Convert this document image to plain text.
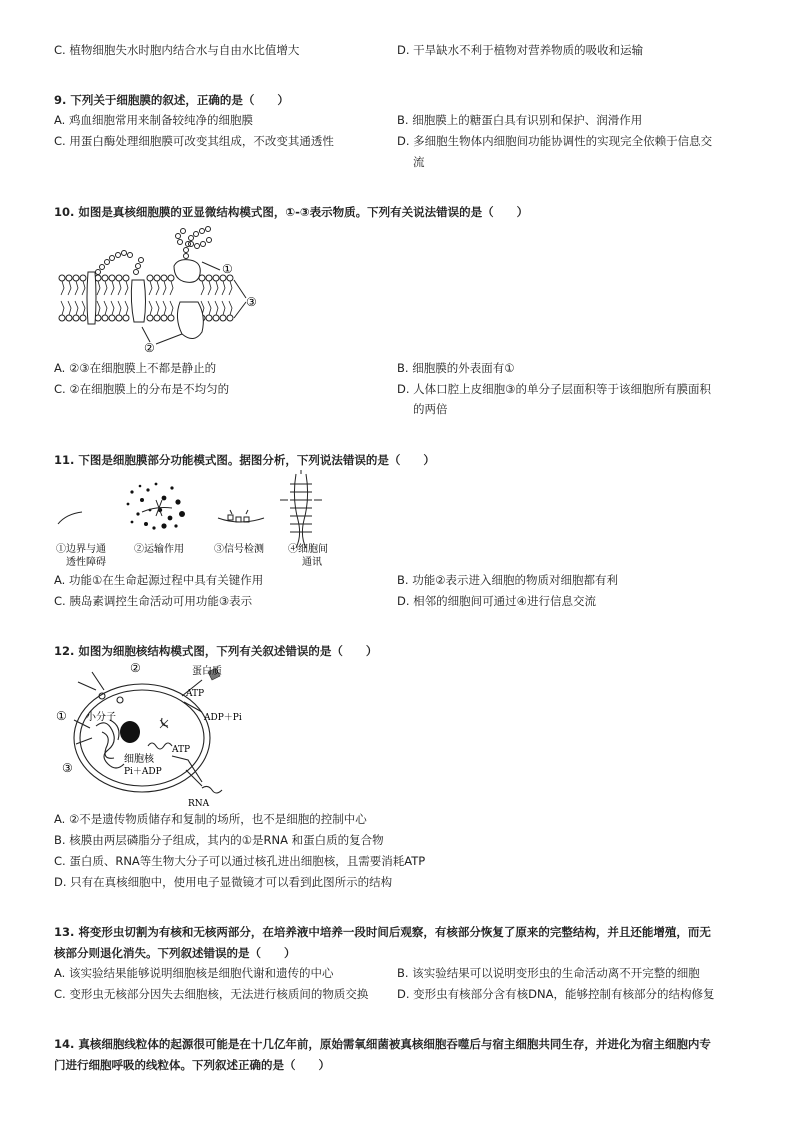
C. 植物细胞失水时胞内结合水与自由水比值增大	D. 干旱缺水不利于植物对营养物质的吸收和运输
9. 下列关于细胞膜的叙述，正确的是（　　）
A. 鸡血细胞常用来制备较纯净的细胞膜	B. 细胞膜上的糖蛋白具有识别和保护、润滑作用
C. 用蛋白酶处理细胞膜可改变其组成，不改变其通透性	D. 多细胞生物体内细胞间功能协调性的实现完全依赖于信息交
流
10. 如图是真核细胞膜的亚显微结构模式图，①-③表示物质。下列有关说法错误的是（　　）
①
③
②
A. ②③在细胞膜上不都是静止的	B. 细胞膜的外表面有①
C. ②在细胞膜上的分布是不均匀的	D. 人体口腔上皮细胞③的单分子层面积等于该细胞所有膜面积
的两倍
11. 下图是细胞膜部分功能模式图。据图分析，下列说法错误的是（　　）
①边界与通
透性障碍
②运输作用	③信号检测 ④细胞间
通讯
A. 功能①在生命起源过程中具有关键作用	B. 功能②表示进入细胞的物质对细胞都有利
C. 胰岛素调控生命活动可用功能③表示	D. 相邻的细胞间可通过④进行信息交流
12. 如图为细胞核结构模式图，下列有关叙述错误的是（　　）
②
①
③
蛋白质
ATP
ADP＋Pi
小分子
ATP
细胞核
Pi＋ADP
RNA
A. ②不是遗传物质储存和复制的场所，也不是细胞的控制中心
B. 核膜由两层磷脂分子组成，其内的①是RNA 和蛋白质的复合物
C. 蛋白质、RNA等生物大分子可以通过核孔进出细胞核，且需要消耗ATP
D. 只有在真核细胞中，使用电子显微镜才可以看到此图所示的结构
13. 将变形虫切割为有核和无核两部分，在培养液中培养一段时间后观察，有核部分恢复了原来的完整结构，并且还能增殖，而无
核部分则退化消失。下列叙述错误的是（　　）
A. 该实验结果能够说明细胞核是细胞代谢和遗传的中心	B. 该实验结果可以说明变形虫的生命活动离不开完整的细胞
C. 变形虫无核部分因失去细胞核，无法进行核质间的物质交换 D. 变形虫有核部分含有核DNA，能够控制有核部分的结构修复
14. 真核细胞线粒体的起源很可能是在十几亿年前，原始需氧细菌被真核细胞吞噬后与宿主细胞共同生存，并进化为宿主细胞内专
门进行细胞呼吸的线粒体。下列叙述正确的是（　　）
